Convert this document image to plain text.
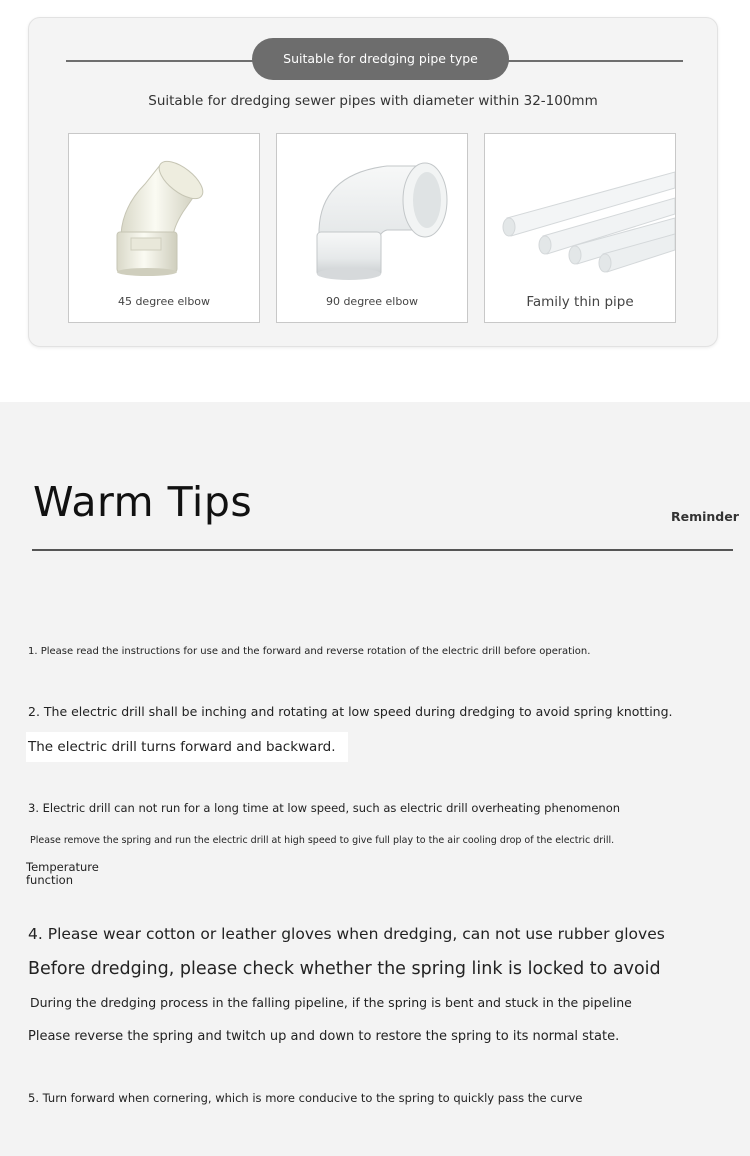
Suitable for dredging pipe type
Suitable for dredging sewer pipes with diameter within 32-100mm
45 degree elbow	90 degree elbow	Family thin pipe
Warm Tips	Reminder
1. Please read the instructions for use and the forward and reverse rotation of the electric drill before operation.
2. The electric drill shall be inching and rotating at low speed during dredging to avoid spring knotting.
The electric drill turns forward and backward.
3. Electric drill can not run for a long time at low speed, such as electric drill overheating phenomenon
Please remove the spring and run the electric drill at high speed to give full play to the air cooling drop of the electric drill.
Temperature
function
4. Please wear cotton or leather gloves when dredging, can not use rubber gloves
Before dredging, please check whether the spring link is locked to avoid
During the dredging process in the falling pipeline, if the spring is bent and stuck in the pipeline
Please reverse the spring and twitch up and down to restore the spring to its normal state.
5. Turn forward when cornering, which is more conducive to the spring to quickly pass the curve
